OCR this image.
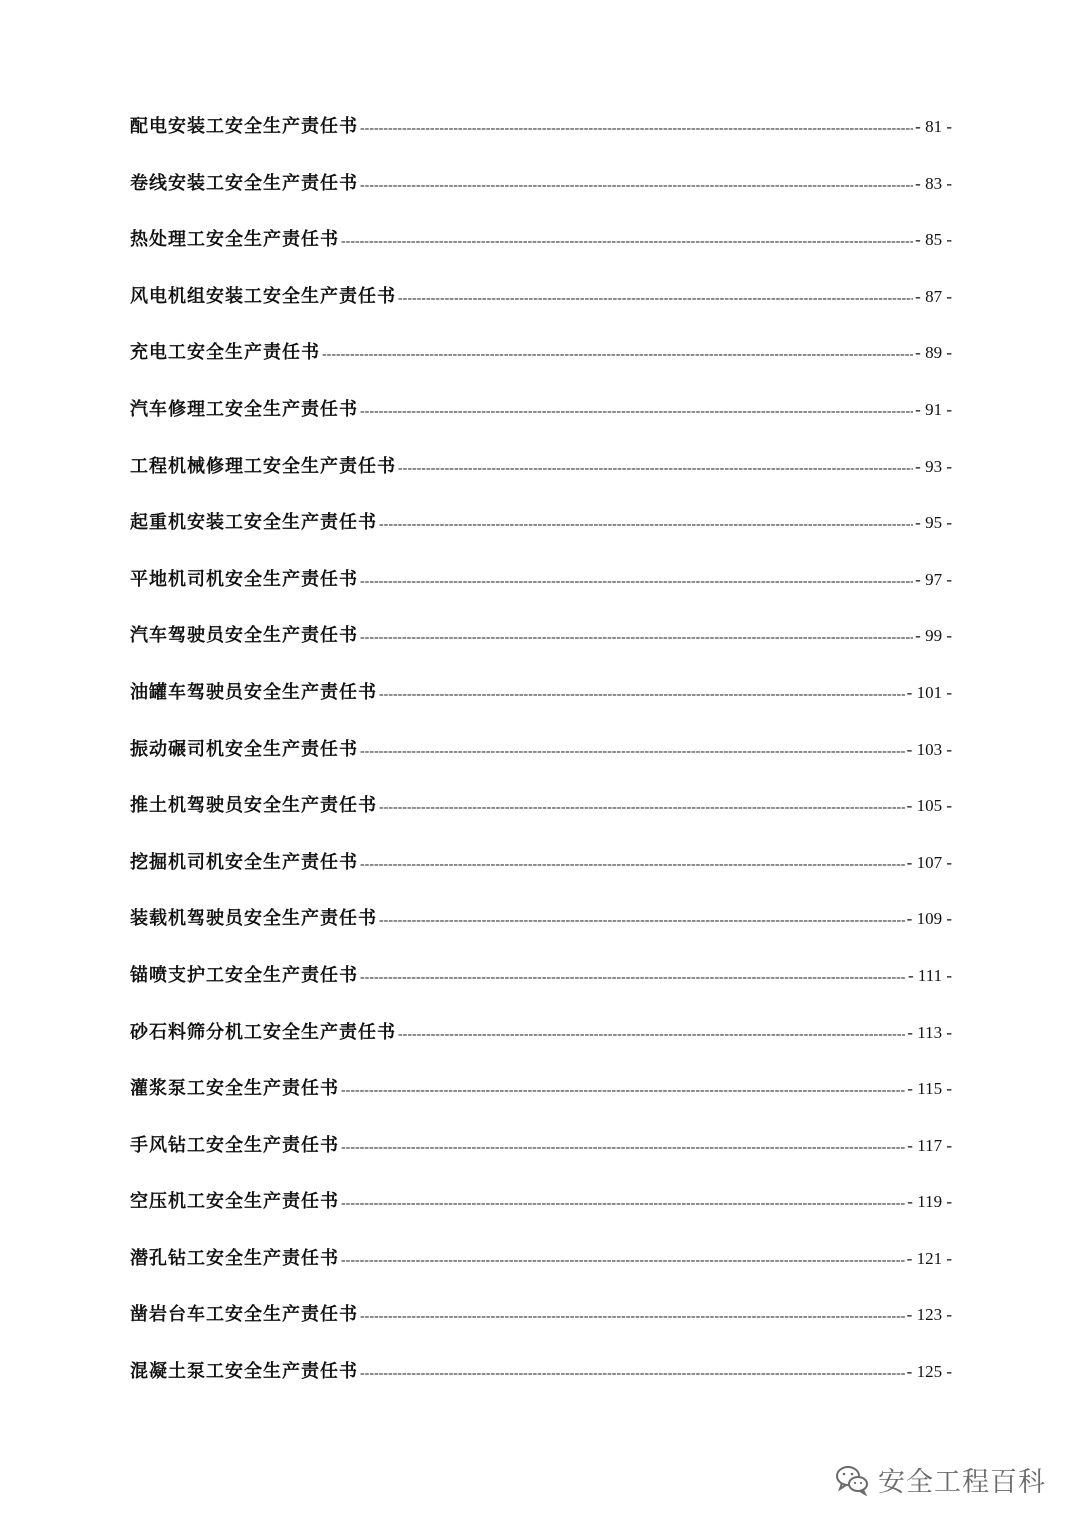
配电安装工安全生产责任书 -----	- 81 -
卷线安装工安全生产责任书 -----	- 83 -
热处理工安全生产责任书 -----	- 85 -
风电机组安装工安全生产责任书 -----	- 87 -
充电工安全生产责任书 -----	- 89 -
汽车修理工安全生产责任书 -----	- 91 -
工程机械修理工安全生产责任书 -----	- 93 -
起重机安装工安全生产责任书 -----	- 95 -
平地机司机安全生产责任书 -----	- 97 -
汽车驾驶员安全生产责任书 -----	- 99 -
油罐车驾驶员安全生产责任书 -----	- 101 -
振动碾司机安全生产责任书 -----	- 103 -
推土机驾驶员安全生产责任书 -----	- 105 -
挖掘机司机安全生产责任书 -----	- 107 -
装载机驾驶员安全生产责任书 -----	- 109 -
锚喷支护工安全生产责任书 -----	- 111 -
砂石料筛分机工安全生产责任书 -----	- 113 -
灌浆泵工安全生产责任书 -----	- 115 -
手风钻工安全生产责任书 -----	- 117 -
空压机工安全生产责任书 -----	- 119 -
潜孔钻工安全生产责任书 -----	- 121 -
凿岩台车工安全生产责任书 -----	- 123 -
混凝土泵工安全生产责任书 -----	- 125 -
安全工程百科
